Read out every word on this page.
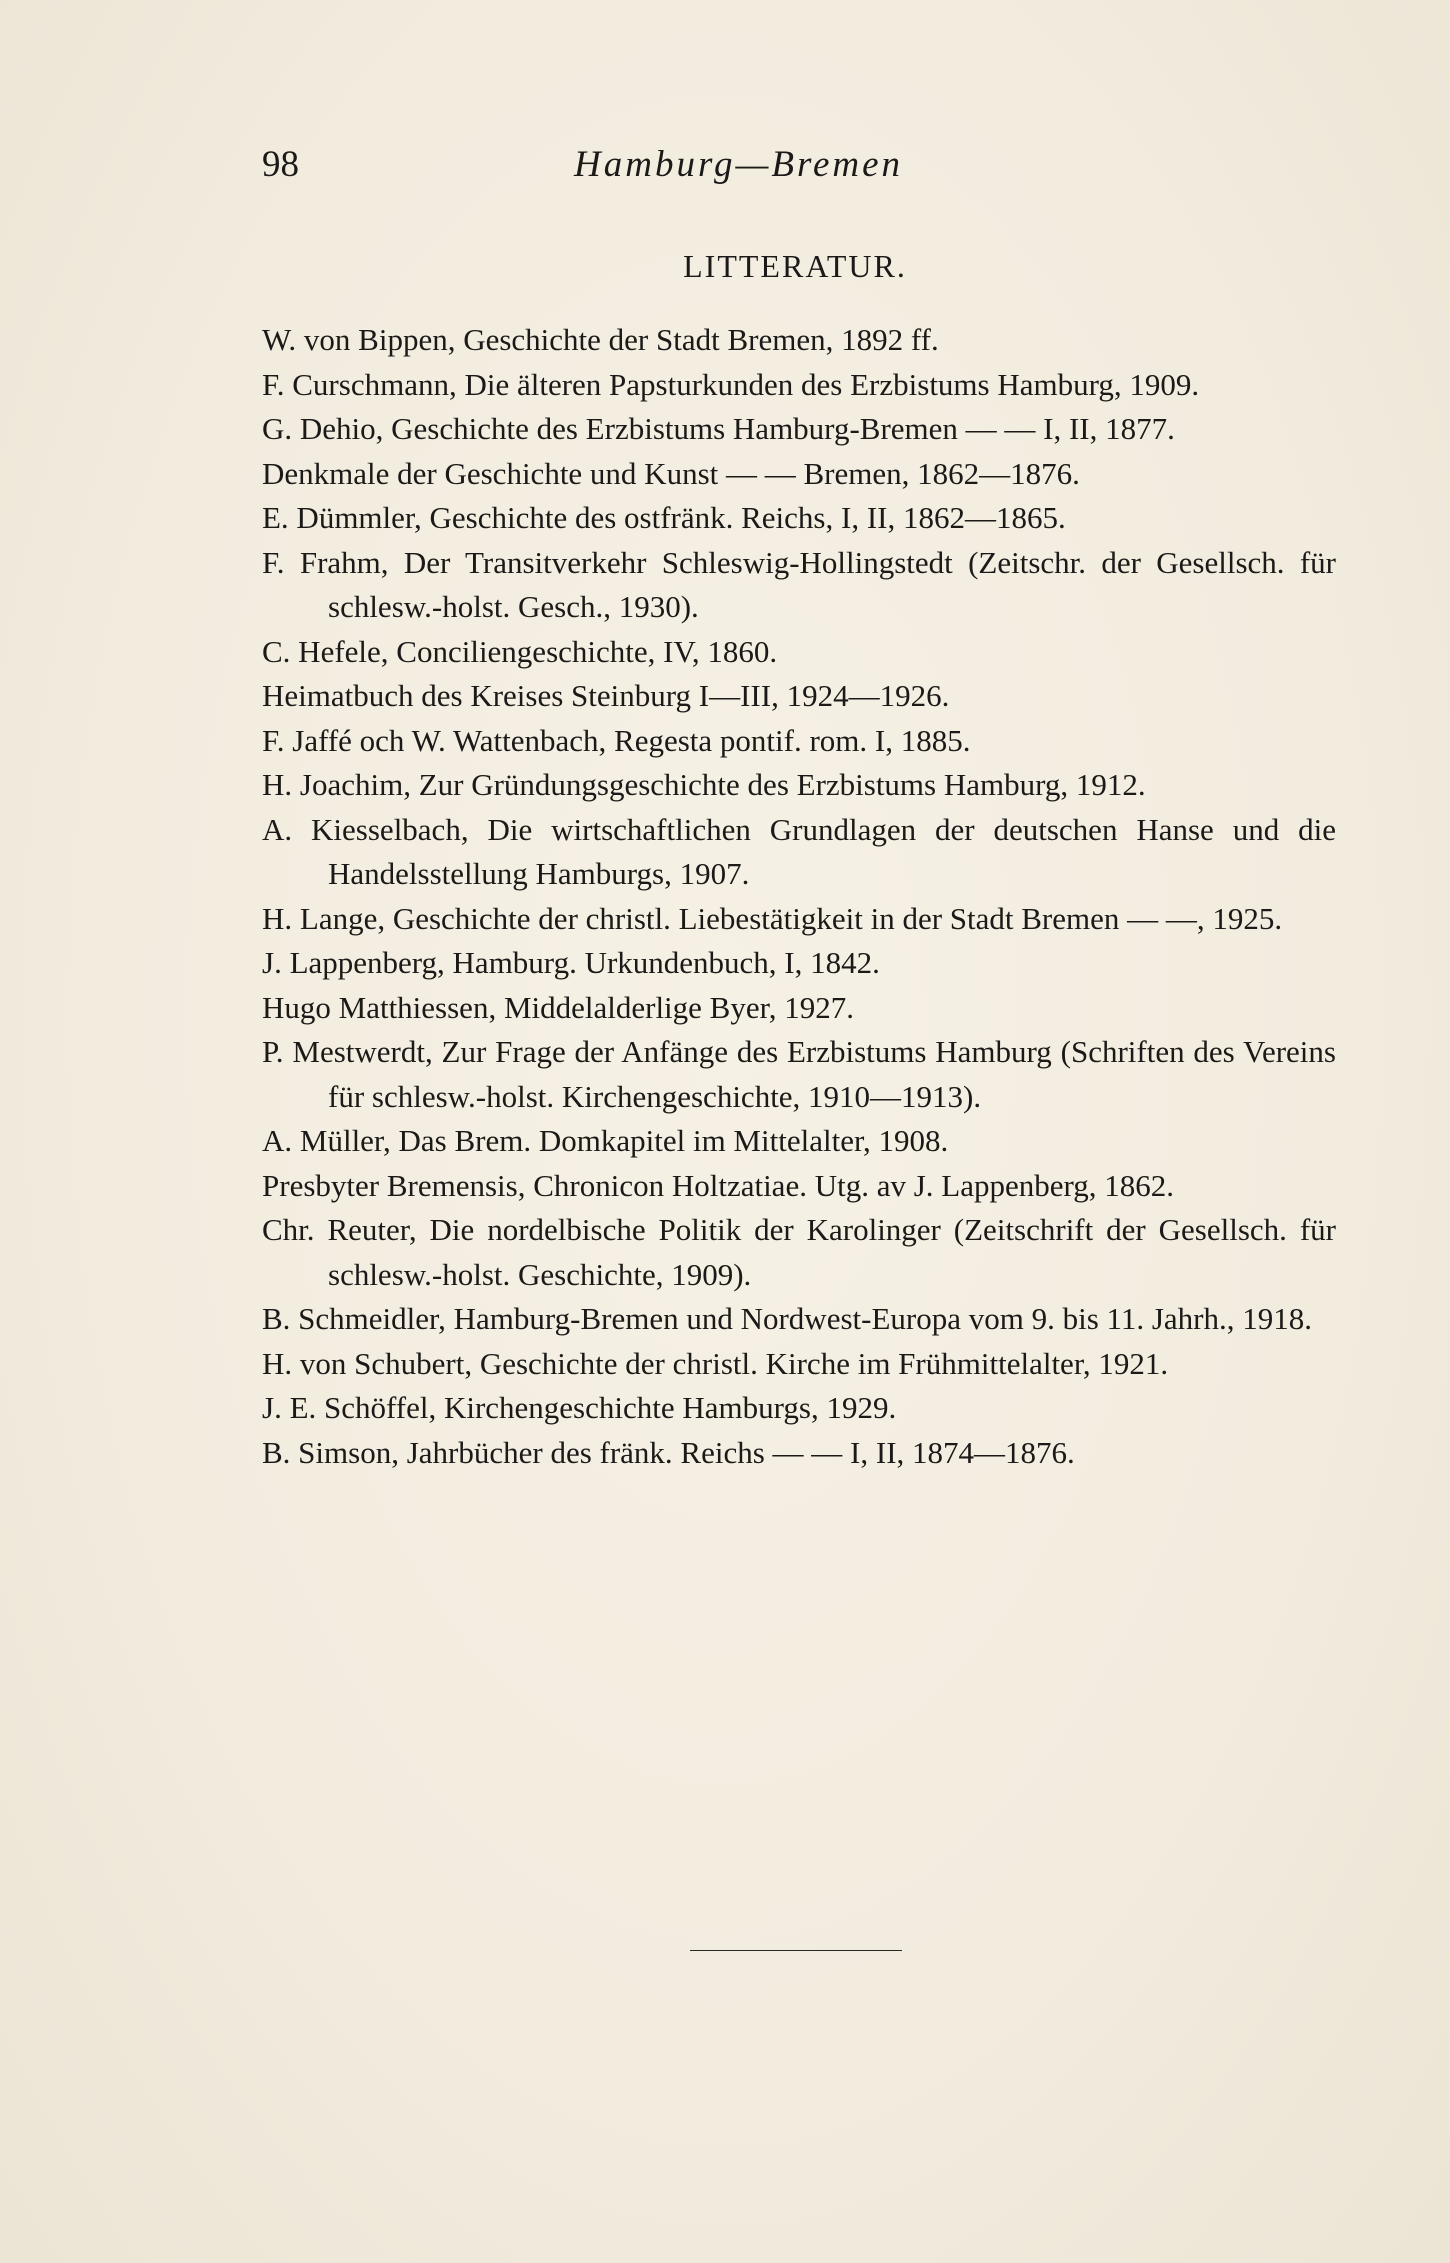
98	Hamburg—Bremen
LITTERATUR.
W. von Bippen, Geschichte der Stadt Bremen, 1892 ff.
F. Curschmann, Die älteren Papsturkunden des Erzbistums Hamburg, 1909.
G. Dehio, Geschichte des Erzbistums Hamburg-Bremen — — I, II, 1877.
Denkmale der Geschichte und Kunst — — Bremen, 1862—1876.
E. Dümmler, Geschichte des ostfränk. Reichs, I, II, 1862—1865.
F. Frahm, Der Transitverkehr Schleswig-Hollingstedt (Zeitschr. der Gesellsch. für schlesw.-holst. Gesch., 1930).
C. Hefele, Conciliengeschichte, IV, 1860.
Heimatbuch des Kreises Steinburg I—III, 1924—1926.
F. Jaffé och W. Wattenbach, Regesta pontif. rom. I, 1885.
H. Joachim, Zur Gründungsgeschichte des Erzbistums Hamburg, 1912.
A. Kiesselbach, Die wirtschaftlichen Grundlagen der deutschen Hanse und die Handelsstellung Hamburgs, 1907.
H. Lange, Geschichte der christl. Liebestätigkeit in der Stadt Bremen — —, 1925.
J. Lappenberg, Hamburg. Urkundenbuch, I, 1842.
Hugo Matthiessen, Middelalderlige Byer, 1927.
P. Mestwerdt, Zur Frage der Anfänge des Erzbistums Hamburg (Schriften des Vereins für schlesw.-holst. Kirchengeschichte, 1910—1913).
A. Müller, Das Brem. Domkapitel im Mittelalter, 1908.
Presbyter Bremensis, Chronicon Holtzatiae. Utg. av J. Lappenberg, 1862.
Chr. Reuter, Die nordelbische Politik der Karolinger (Zeitschrift der Gesellsch. für schlesw.-holst. Geschichte, 1909).
B. Schmeidler, Hamburg-Bremen und Nordwest-Europa vom 9. bis 11. Jahrh., 1918.
H. von Schubert, Geschichte der christl. Kirche im Frühmittelalter, 1921.
J. E. Schöffel, Kirchengeschichte Hamburgs, 1929.
B. Simson, Jahrbücher des fränk. Reichs — — I, II, 1874—1876.
